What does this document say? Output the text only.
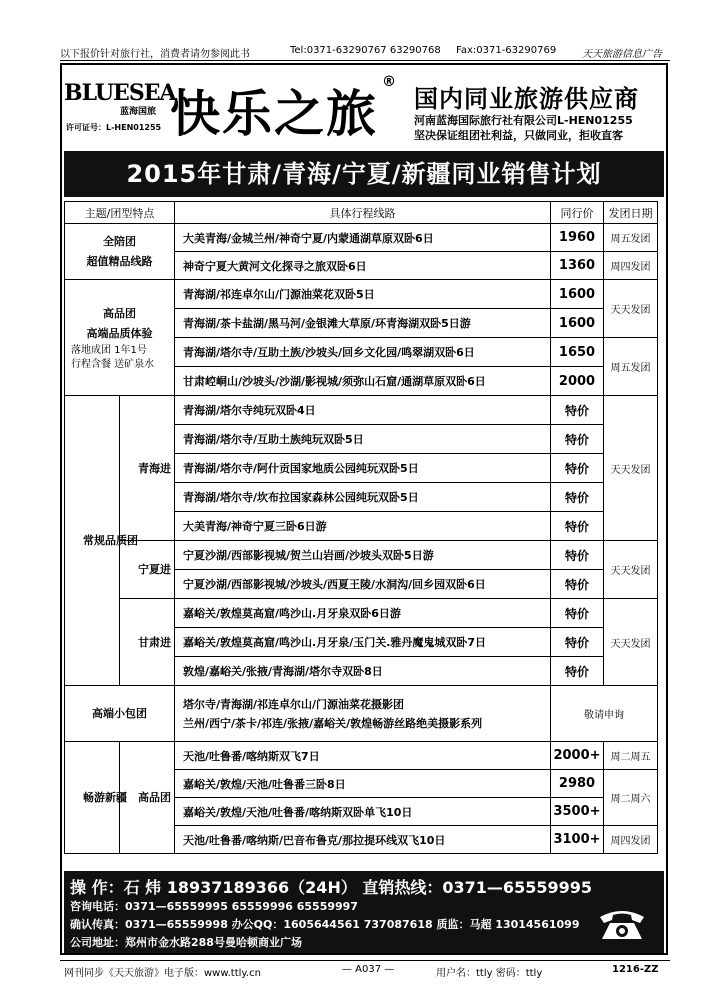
以下报价针对旅行社，消费者请勿参阅此书	Tel:0371-63290767 63290768 Fax:0371-63290769	天天旅游信息广告
BLUESEA
蓝海国旅
许可证号：L-HEN01255 快乐之旅
®
国内同业旅游供应商
河南蓝海国际旅行社有限公司L-HEN01255
坚决保证组团社利益，只做同业，拒收直客
2015年甘肃/青海/宁夏/新疆同业销售计划
主题/团型特点		具体行程线路	同行价	发团日期

全陪团
超值精品线路		大美青海/金城兰州/神奇宁夏/内蒙通湖草原双卧6日	1960	周五发团
		神奇宁夏大黄河文化探寻之旅双卧6日	1360	周四发团

高品团
高端品质体验
落地成团 1年1号
行程含餐 送矿泉水		青海湖/祁连卓尔山/门源油菜花双卧5日	1600	天天发团
		青海湖/茶卡盐湖/黑马河/金银滩大草原/环青海湖双卧5日游	1600	
		青海湖/塔尔寺/互助土族/沙坡头/回乡文化园/鸣翠湖双卧6日	1650	周五发团
		甘肃崆峒山/沙坡头/沙湖/影视城/须弥山石窟/通湖草原双卧6日	2000	

常规品质团	青海进	青海湖/塔尔寺纯玩双卧4日	特价	天天发团
		青海湖/塔尔寺/互助土族纯玩双卧5日	特价	
		青海湖/塔尔寺/阿什贡国家地质公园纯玩双卧5日	特价	
		青海湖/塔尔寺/坎布拉国家森林公园纯玩双卧5日	特价	
		大美青海/神奇宁夏三卧6日游	特价	

	宁夏进	宁夏沙湖/西部影视城/贺兰山岩画/沙坡头双卧5日游	特价	天天发团
		宁夏沙湖/西部影视城/沙坡头/西夏王陵/水洞沟/回乡园双卧6日	特价	

	甘肃进	嘉峪关/敦煌莫高窟/鸣沙山.月牙泉双卧6日游	特价	天天发团
		嘉峪关/敦煌莫高窟/鸣沙山.月牙泉/玉门关.雅丹魔鬼城双卧7日	特价	
		敦煌/嘉峪关/张掖/青海湖/塔尔寺双卧8日	特价	
高端小包团		塔尔寺/青海湖/祁连卓尔山/门源油菜花摄影团
兰州/西宁/茶卡/祁连/张掖/嘉峪关/敦煌畅游丝路绝美摄影系列	敬请申询	

畅游新疆	高品团	天池/吐鲁番/喀纳斯双飞7日	2000+	周二周五
		嘉峪关/敦煌/天池/吐鲁番三卧8日	2980	周二周六
		嘉峪关/敦煌/天池/吐鲁番/喀纳斯双卧单飞10日	3500+	
		天池/吐鲁番/喀纳斯/巴音布鲁克/那拉提环线双飞10日	3100+	周四发团
操 作：石 炜 18937189366（24H） 直销热线：0371—65559995
咨询电话：0371—65559995 65559996 65559997
确认传真：0371—65559998 办公QQ：1605644561 737087618 质监：马超 13014561099
公司地址：郑州市金水路288号曼哈顿商业广场
网刊同步《天天旅游》电子版：www.ttly.cn	— A037 —	用户名：ttly 密码：ttly	1216-ZZ
